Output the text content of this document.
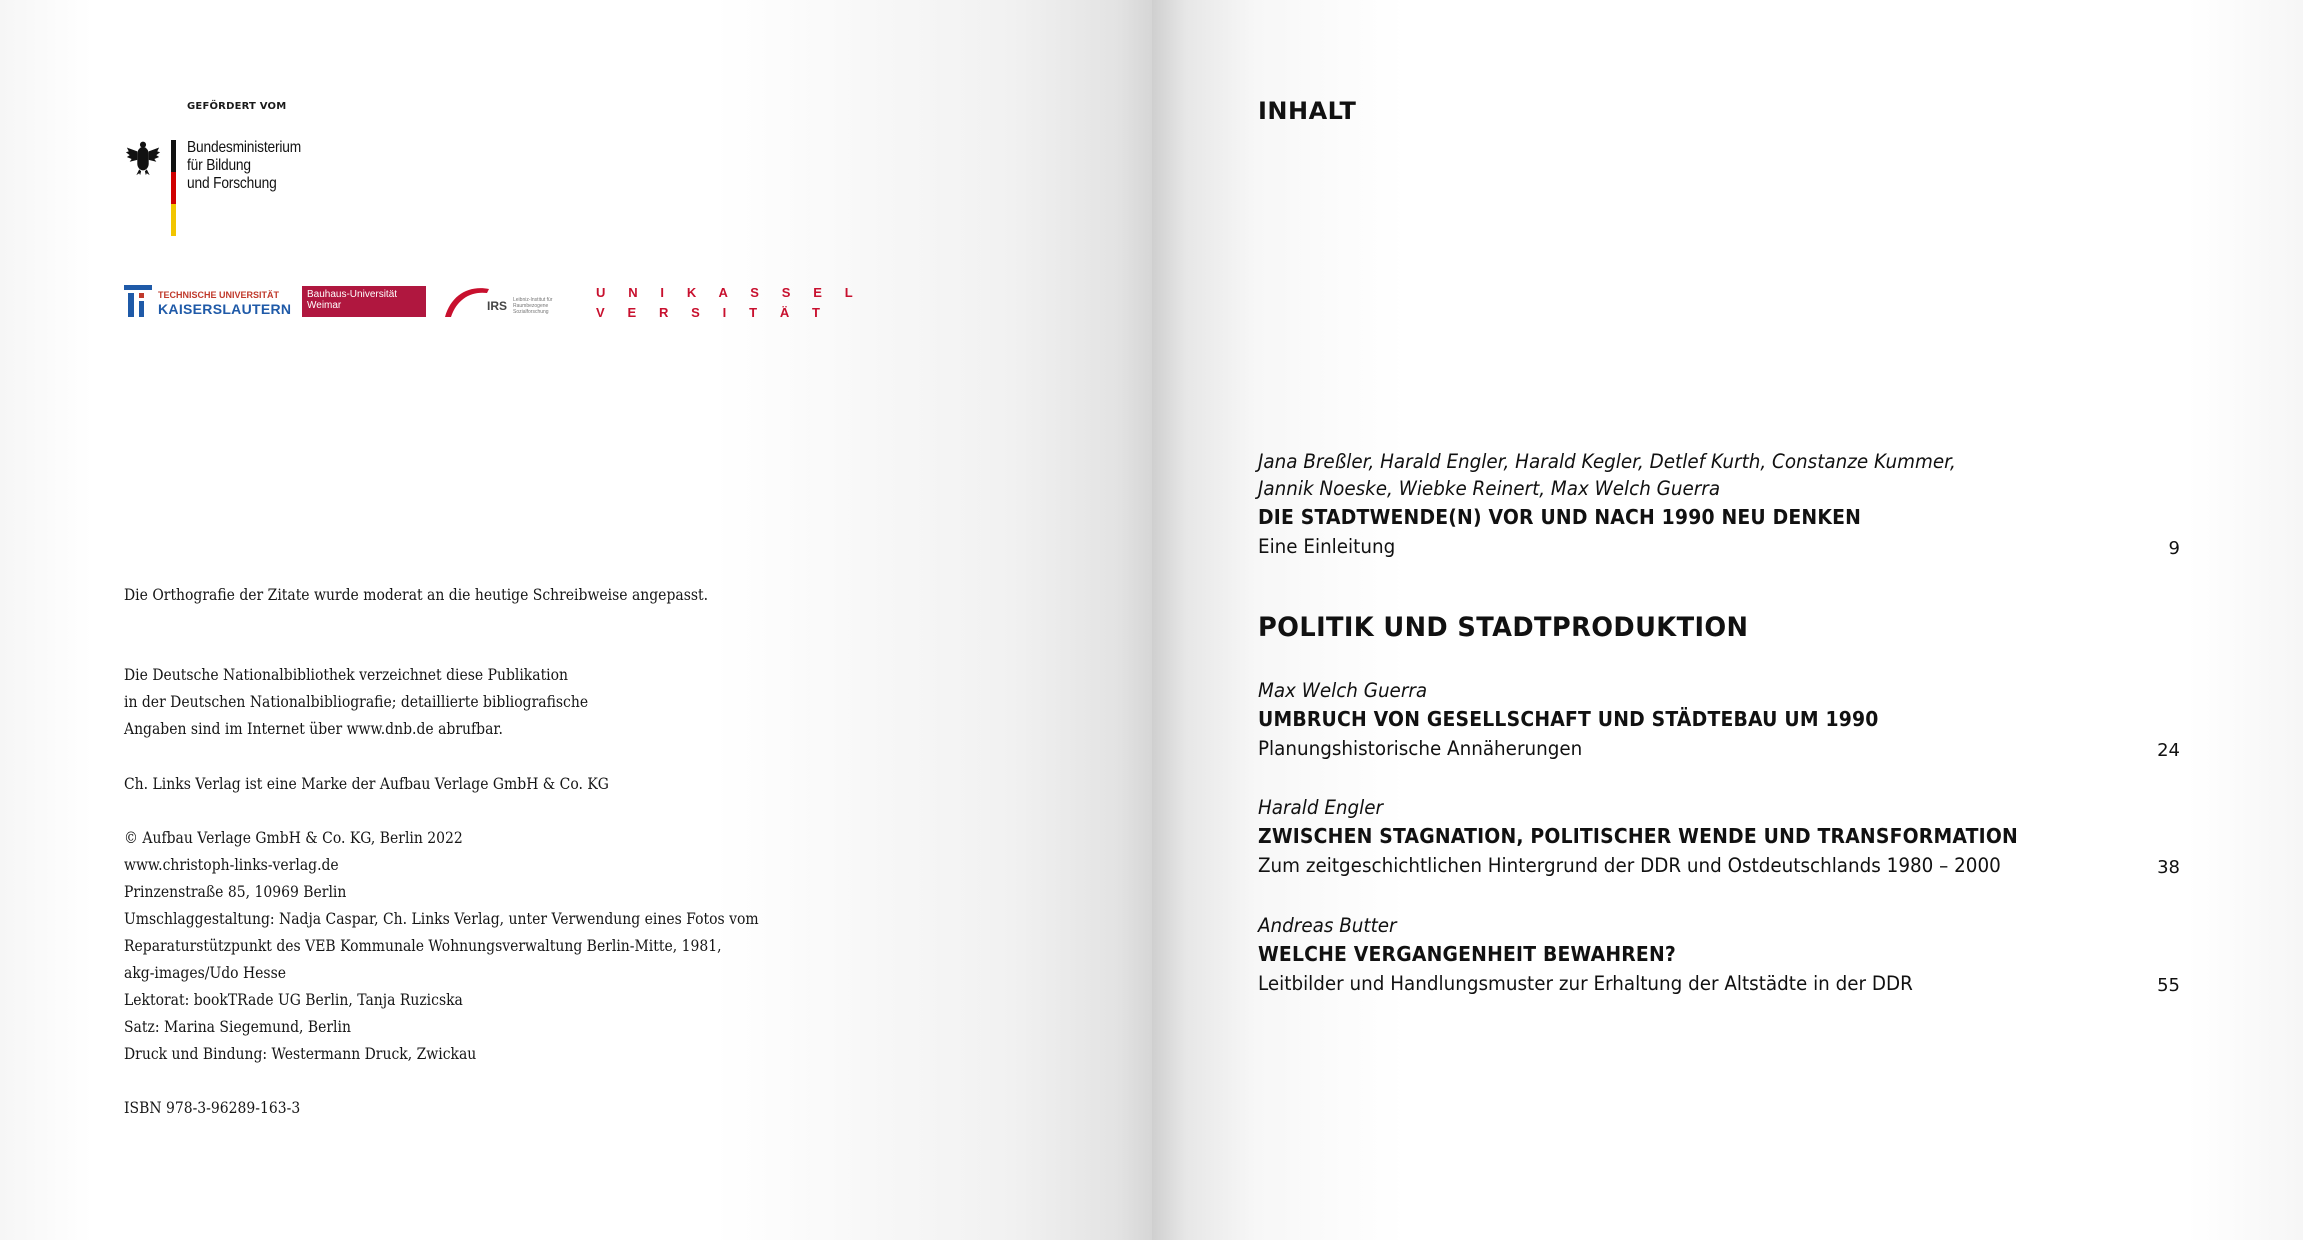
GEFÖRDERT VOM
Bundesministerium
für Bildung
und Forschung
TECHNISCHE UNIVERSITÄT
KAISERSLAUTERN
Bauhaus-Universität
Weimar	IRS Leibniz-Institut für
Raumbezogene Sozialforschung
U N I K A S S E L
V E R S I T Ä T

Die Orthografie der Zitate wurde moderat an die heutige Schreibweise angepasst.

Die Deutsche Nationalbibliothek verzeichnet diese Publikation

in der Deutschen Nationalbibliografie; detaillierte bibliografische

Angaben sind im Internet über www.dnb.de abrufbar.

Ch. Links Verlag ist eine Marke der Aufbau Verlage GmbH & Co. KG

© Aufbau Verlage GmbH & Co. KG, Berlin 2022

www.christoph-links-verlag.de

Prinzenstraße 85, 10969 Berlin

Umschlaggestaltung: Nadja Caspar, Ch. Links Verlag, unter Verwendung eines Fotos vom

Reparaturstützpunkt des VEB Kommunale Wohnungsverwaltung Berlin-Mitte, 1981,

akg-images/Udo Hesse

Lektorat: bookTRade UG Berlin, Tanja Ruzicska

Satz: Marina Siegemund, Berlin

Druck und Bindung: Westermann Druck, Zwickau

ISBN 978-3-96289-163-3

INHALT
Jana Breßler, Harald Engler, Harald Kegler, Detlef Kurth, Constanze Kummer,
Jannik Noeske, Wiebke Reinert, Max Welch Guerra
DIE STADTWENDE(N) VOR UND NACH 1990 NEU DENKEN
Eine Einleitung	9
POLITIK UND STADTPRODUKTION
Max Welch Guerra
UMBRUCH VON GESELLSCHAFT UND STÄDTEBAU UM 1990
Planungshistorische Annäherungen	24
Harald Engler
ZWISCHEN STAGNATION, POLITISCHER WENDE UND TRANSFORMATION
Zum zeitgeschichtlichen Hintergrund der DDR und Ostdeutschlands 1980 – 2000	38
Andreas Butter
WELCHE VERGANGENHEIT BEWAHREN?
Leitbilder und Handlungsmuster zur Erhaltung der Altstädte in der DDR	55
